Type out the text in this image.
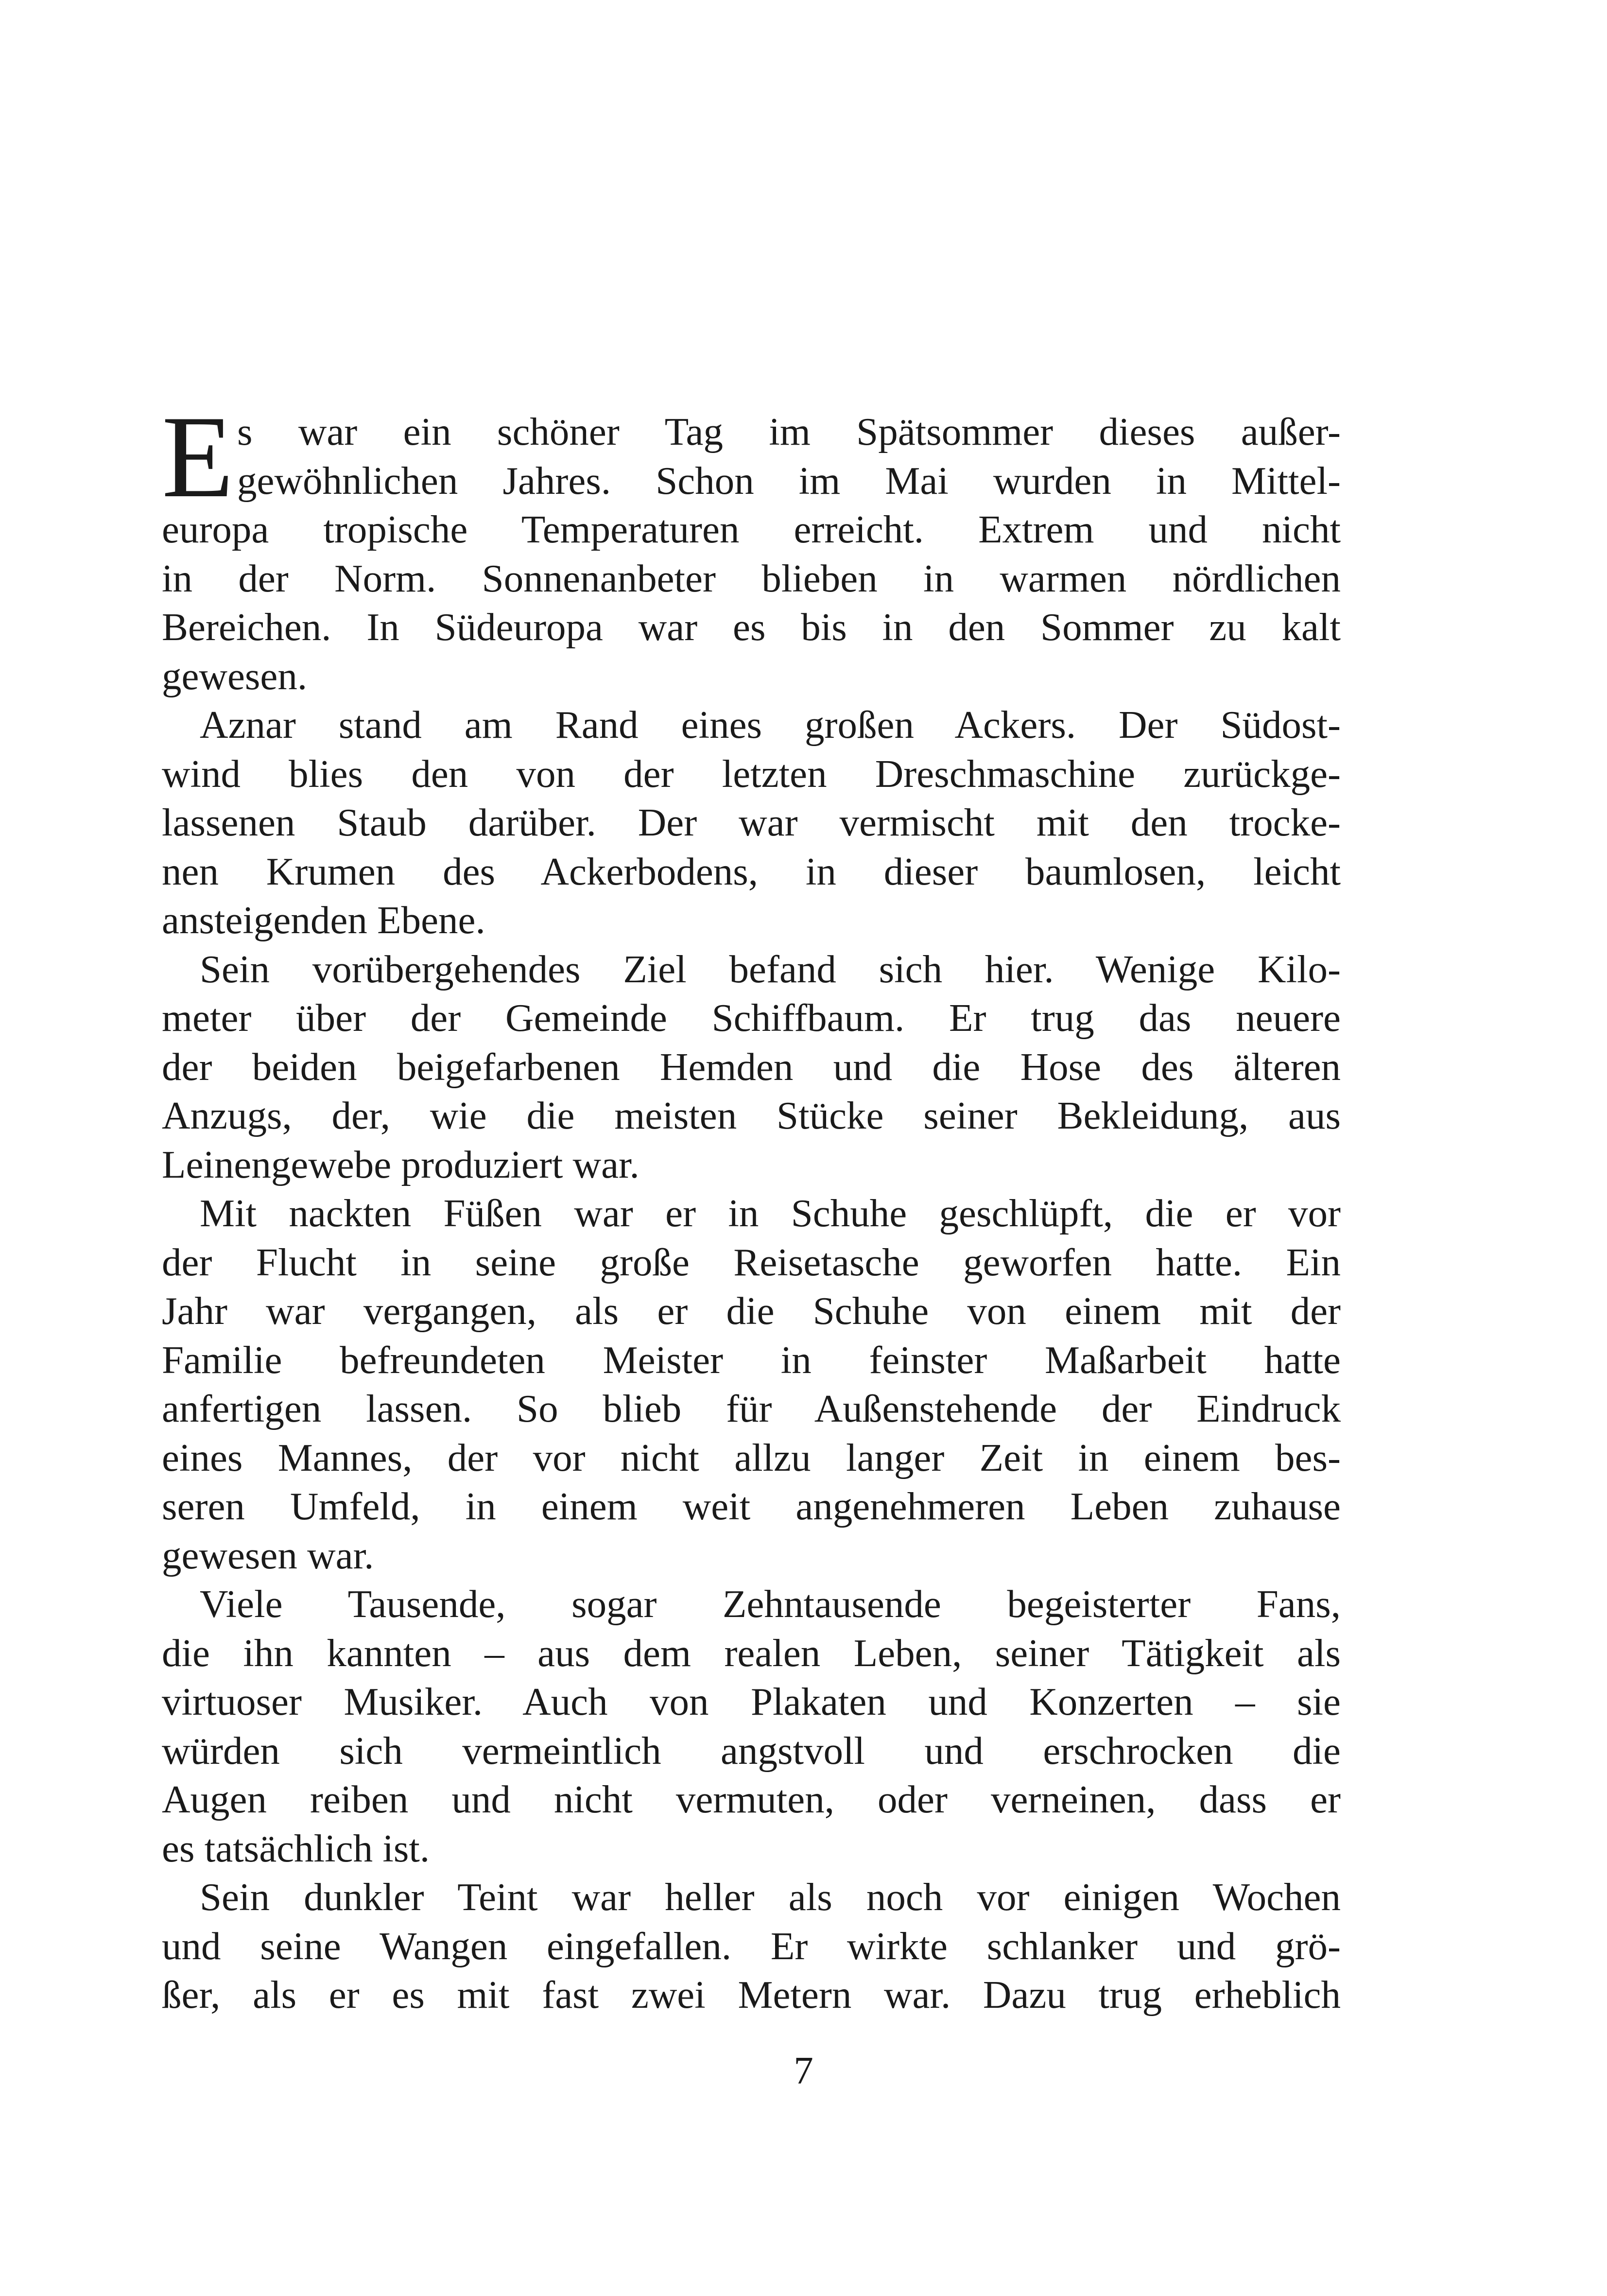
E s war ein schöner Tag im Spätsommer dieses außer-
gewöhnlichen Jahres. Schon im Mai wurden in Mittel-
europa tropische Temperaturen erreicht. Extrem und nicht
in der Norm. Sonnenanbeter blieben in warmen nördlichen
Bereichen. In Südeuropa war es bis in den Sommer zu kalt
gewesen.
Aznar stand am Rand eines großen Ackers. Der Südost-
wind blies den von der letzten Dreschmaschine zurückge-
lassenen Staub darüber. Der war vermischt mit den trocke-
nen Krumen des Ackerbodens, in dieser baumlosen, leicht
ansteigenden Ebene.
Sein vorübergehendes Ziel befand sich hier. Wenige Kilo-
meter über der Gemeinde Schiffbaum. Er trug das neuere
der beiden beigefarbenen Hemden und die Hose des älteren
Anzugs, der, wie die meisten Stücke seiner Bekleidung, aus
Leinengewebe produziert war.
Mit nackten Füßen war er in Schuhe geschlüpft, die er vor
der Flucht in seine große Reisetasche geworfen hatte. Ein
Jahr war vergangen, als er die Schuhe von einem mit der
Familie befreundeten Meister in feinster Maßarbeit hatte
anfertigen lassen. So blieb für Außenstehende der Eindruck
eines Mannes, der vor nicht allzu langer Zeit in einem bes-
seren Umfeld, in einem weit angenehmeren Leben zuhause
gewesen war.
Viele Tausende, sogar Zehntausende begeisterter Fans,
die ihn kannten – aus dem realen Leben, seiner Tätigkeit als
virtuoser Musiker. Auch von Plakaten und Konzerten – sie
würden sich vermeintlich angstvoll und erschrocken die
Augen reiben und nicht vermuten, oder verneinen, dass er
es tatsächlich ist.
Sein dunkler Teint war heller als noch vor einigen Wochen
und seine Wangen eingefallen. Er wirkte schlanker und grö-
ßer, als er es mit fast zwei Metern war. Dazu trug erheblich
7
